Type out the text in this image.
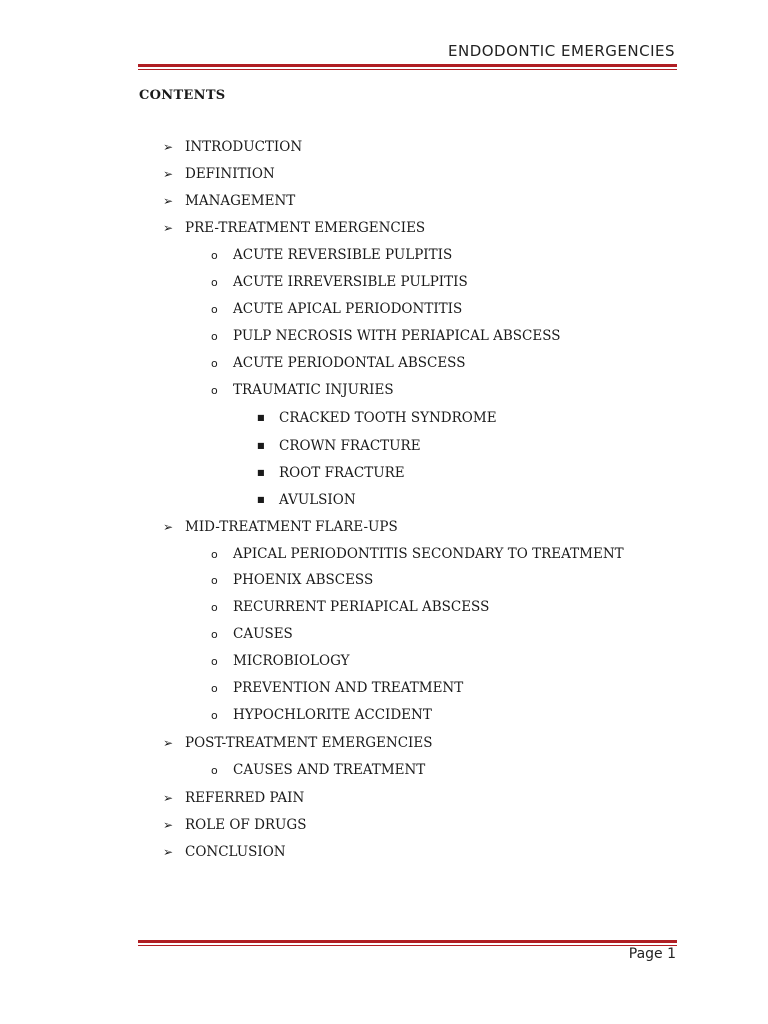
ENDODONTIC EMERGENCIES
CONTENTS
➢ INTRODUCTION
➢ DEFINITION
➢ MANAGEMENT
➢ PRE-TREATMENT EMERGENCIES
o ACUTE REVERSIBLE PULPITIS
o ACUTE IRREVERSIBLE PULPITIS
o ACUTE APICAL PERIODONTITIS
o PULP NECROSIS WITH PERIAPICAL ABSCESS
o ACUTE PERIODONTAL ABSCESS
o TRAUMATIC INJURIES
■ CRACKED TOOTH SYNDROME
■ CROWN FRACTURE
■ ROOT FRACTURE
■ AVULSION
➢ MID-TREATMENT FLARE-UPS
o APICAL PERIODONTITIS SECONDARY TO TREATMENT
o PHOENIX ABSCESS
o RECURRENT PERIAPICAL ABSCESS
o CAUSES
o MICROBIOLOGY
o PREVENTION AND TREATMENT
o HYPOCHLORITE ACCIDENT
➢ POST-TREATMENT EMERGENCIES
o CAUSES AND TREATMENT
➢ REFERRED PAIN
➢ ROLE OF DRUGS
➢ CONCLUSION
Page 1
